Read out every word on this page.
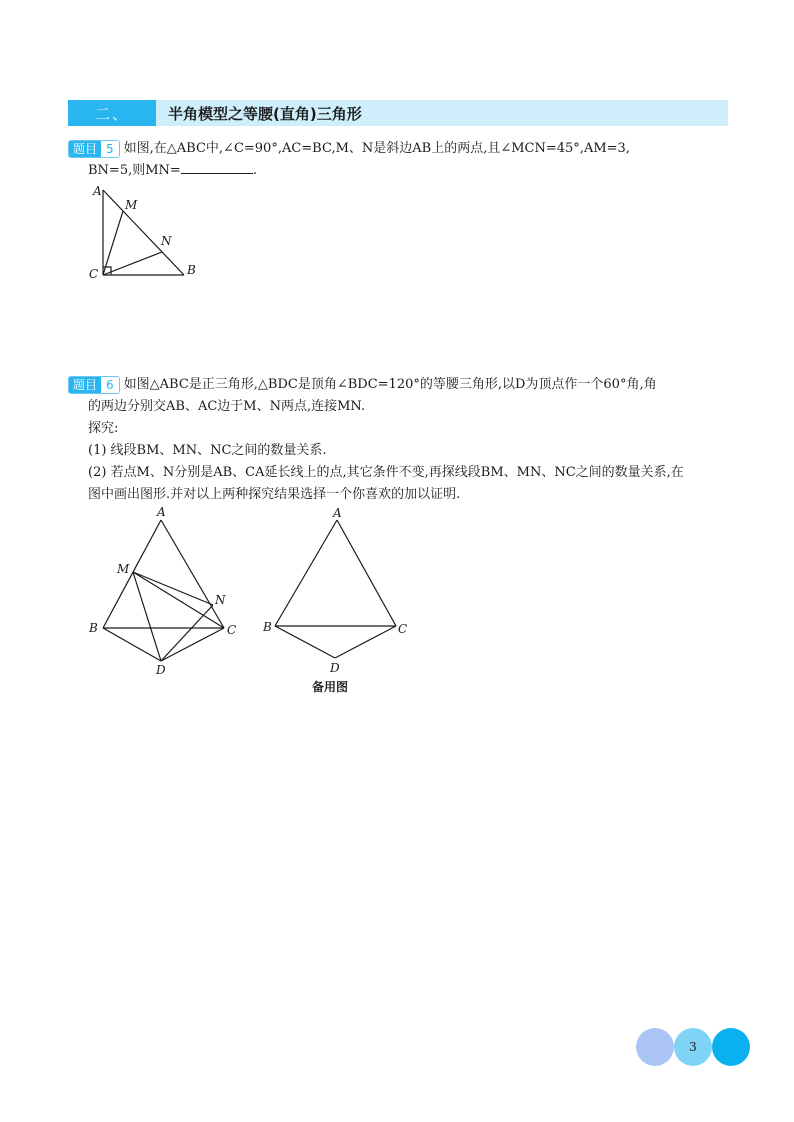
二、	半角模型之等腰(直角)三角形
题目 5 如图,在△ABC中,∠C=90°,AC=BC,M、N是斜边AB上的两点,且∠MCN=45°,AM=3,
BN=5,则MN=	.
A
M
N
C	B
题目 6 如图△ABC是正三角形,△BDC是顶角∠BDC=120°的等腰三角形,以D为顶点作一个60°角,角
的两边分别交AB、AC边于M、N两点,连接MN.
探究:
(1) 线段BM、MN、NC之间的数量关系.
(2) 若点M、N分别是AB、CA延长线上的点,其它条件不变,再探线段BM、MN、NC之间的数量关系,在
图中画出图形.并对以上两种探究结果选择一个你喜欢的加以证明.
A
M
N
B	C
D
A
B	C
D
备用图
3
